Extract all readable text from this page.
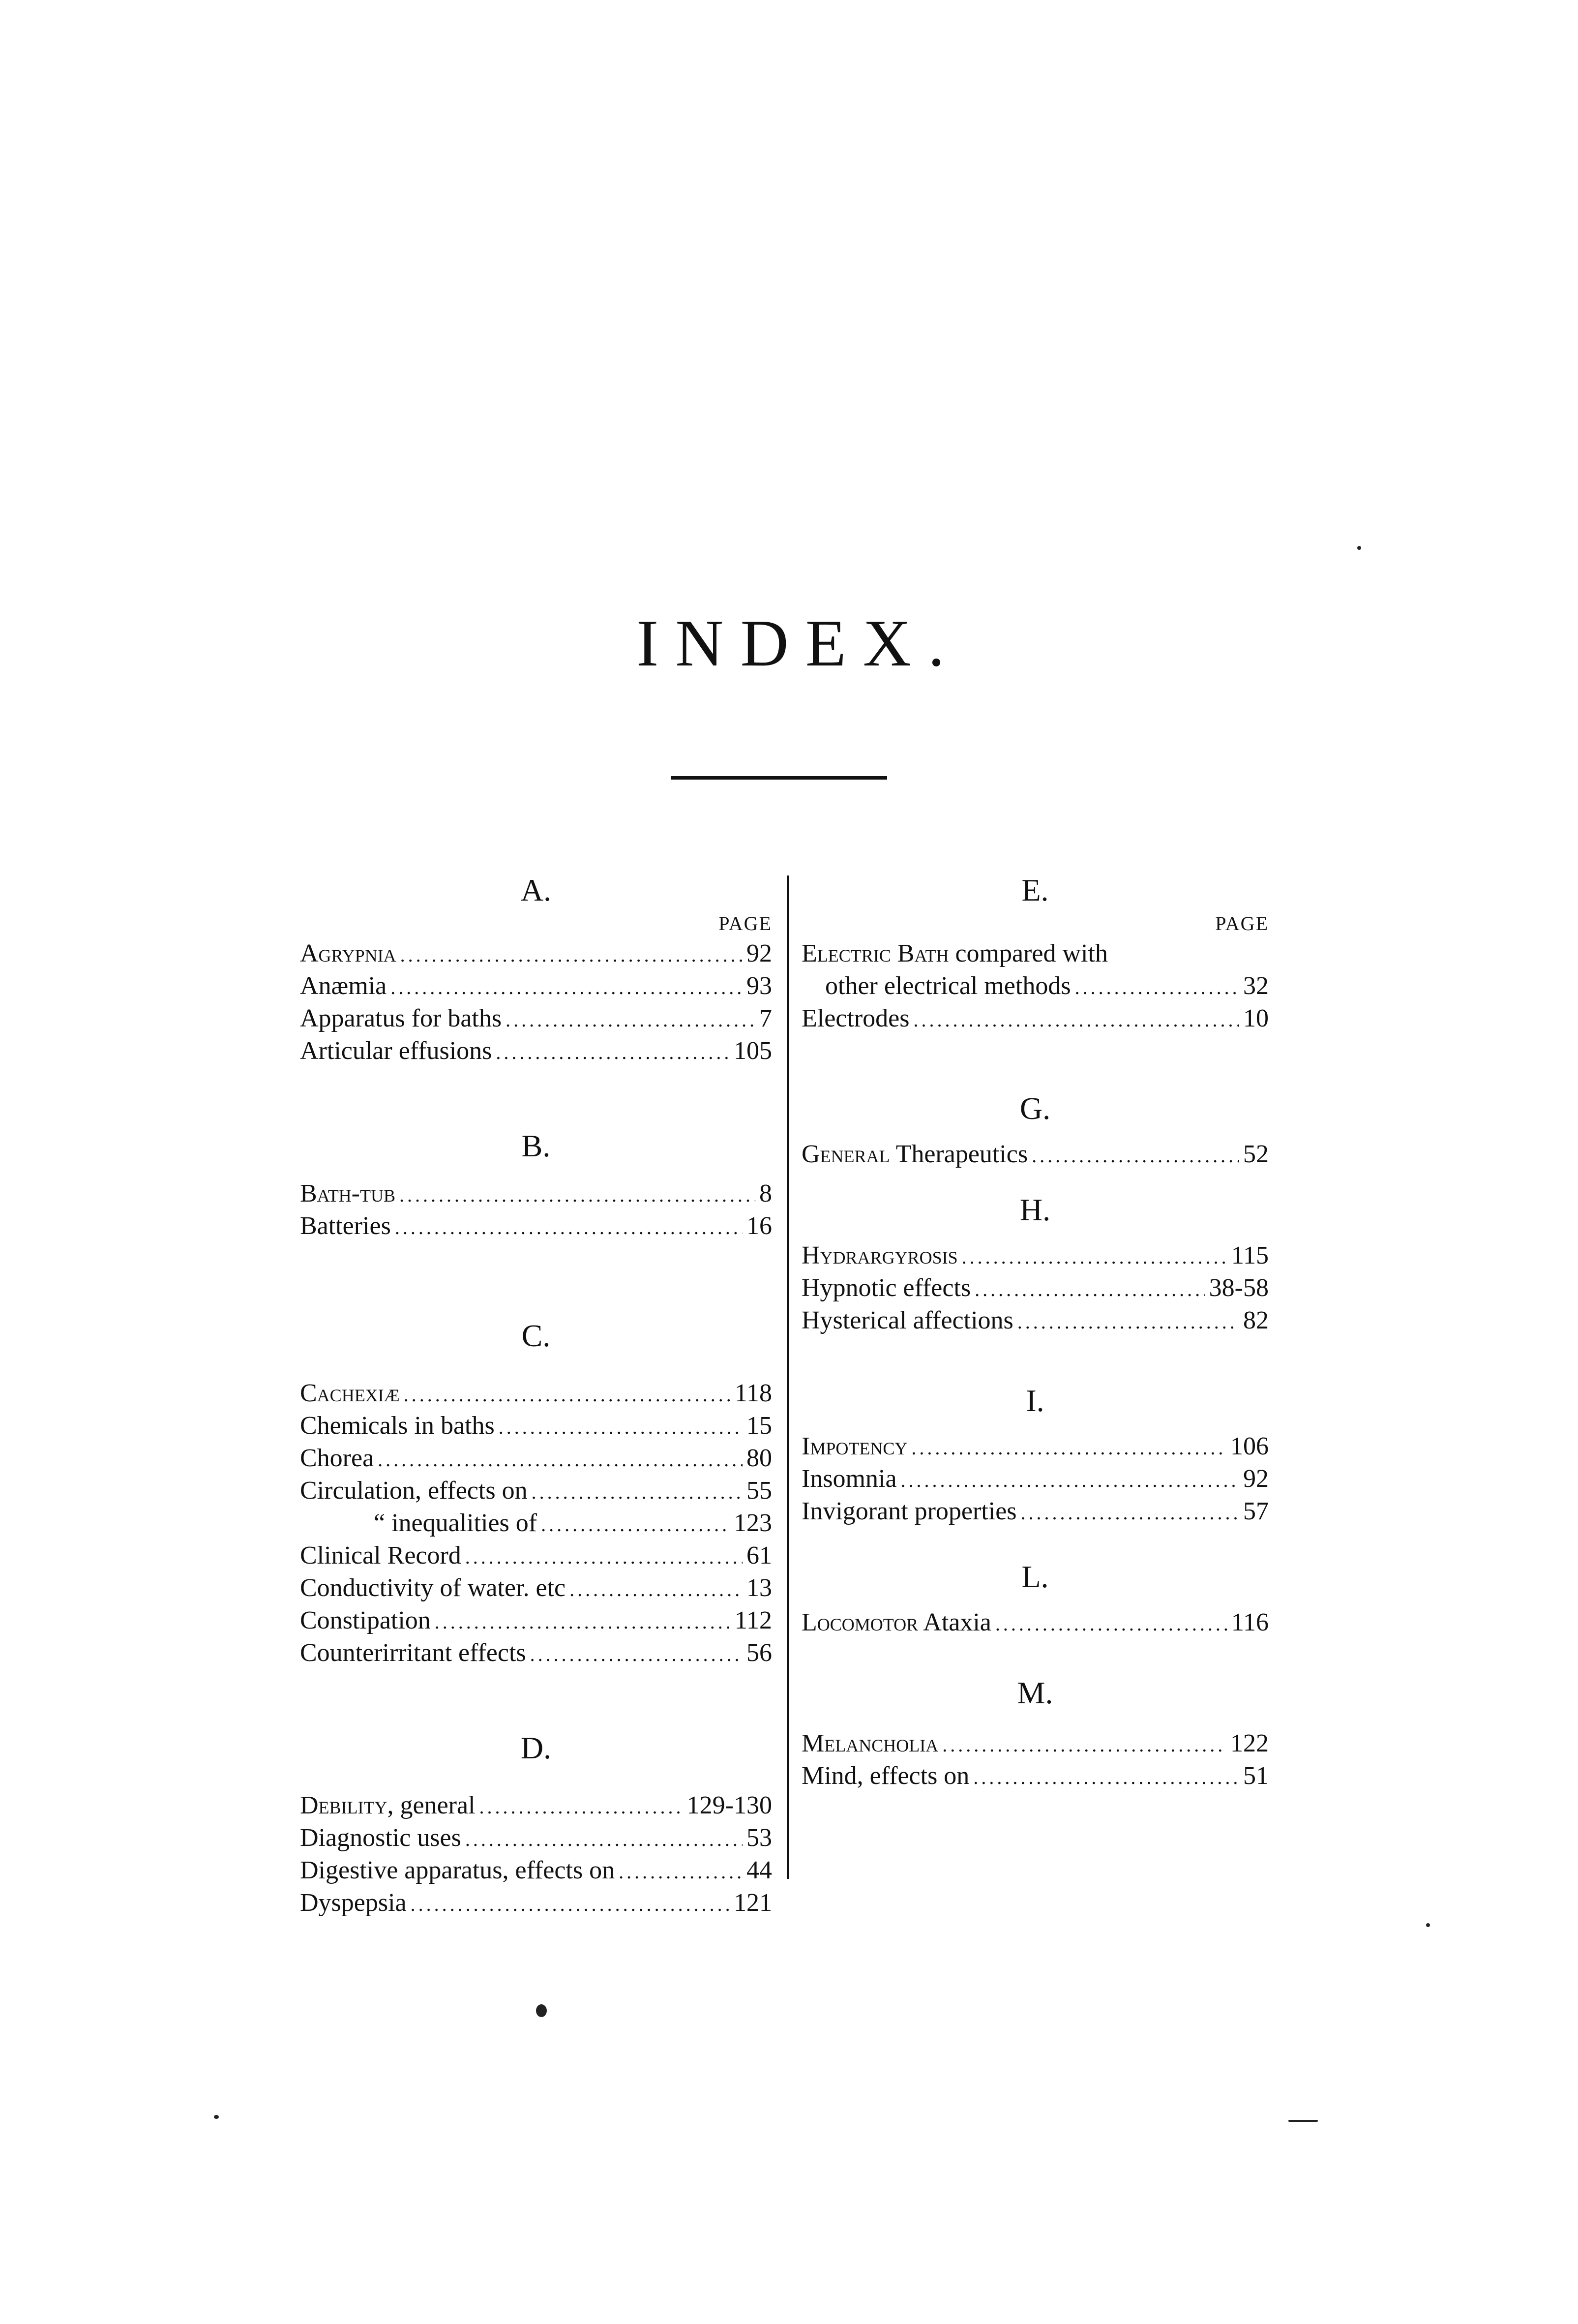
INDEX.
A.
PAGE
Agrypnia .....	92
Anæmia .....	93
Apparatus for baths .....	7
Articular effusions .....	105
B.
Bath-tub .....	8
Batteries .....	16
C.
Cachexiæ .....	118
Chemicals in baths .....	15
Chorea .....	80
Circulation, effects on .....	55
“ inequalities of .....	123
Clinical Record .....	61
Conductivity of water. etc .....	13
Constipation .....	112
Counterirritant effects .....	56
D.
Debility, general .....	129-130
Diagnostic uses .....	53
Digestive apparatus, effects on .....	44
Dyspepsia .....	121
E.
PAGE
Electric Bath compared with
other electrical methods .....	32
Electrodes .....	10
G.
General Therapeutics .....	52
H.
Hydrargyrosis .....	115
Hypnotic effects .....	38-58
Hysterical affections .....	82
I.
Impotency .....	106
Insomnia .....	92
Invigorant properties .....	57
L.
Locomotor Ataxia .....	116
M.
Melancholia .....	122
Mind, effects on .....	51
